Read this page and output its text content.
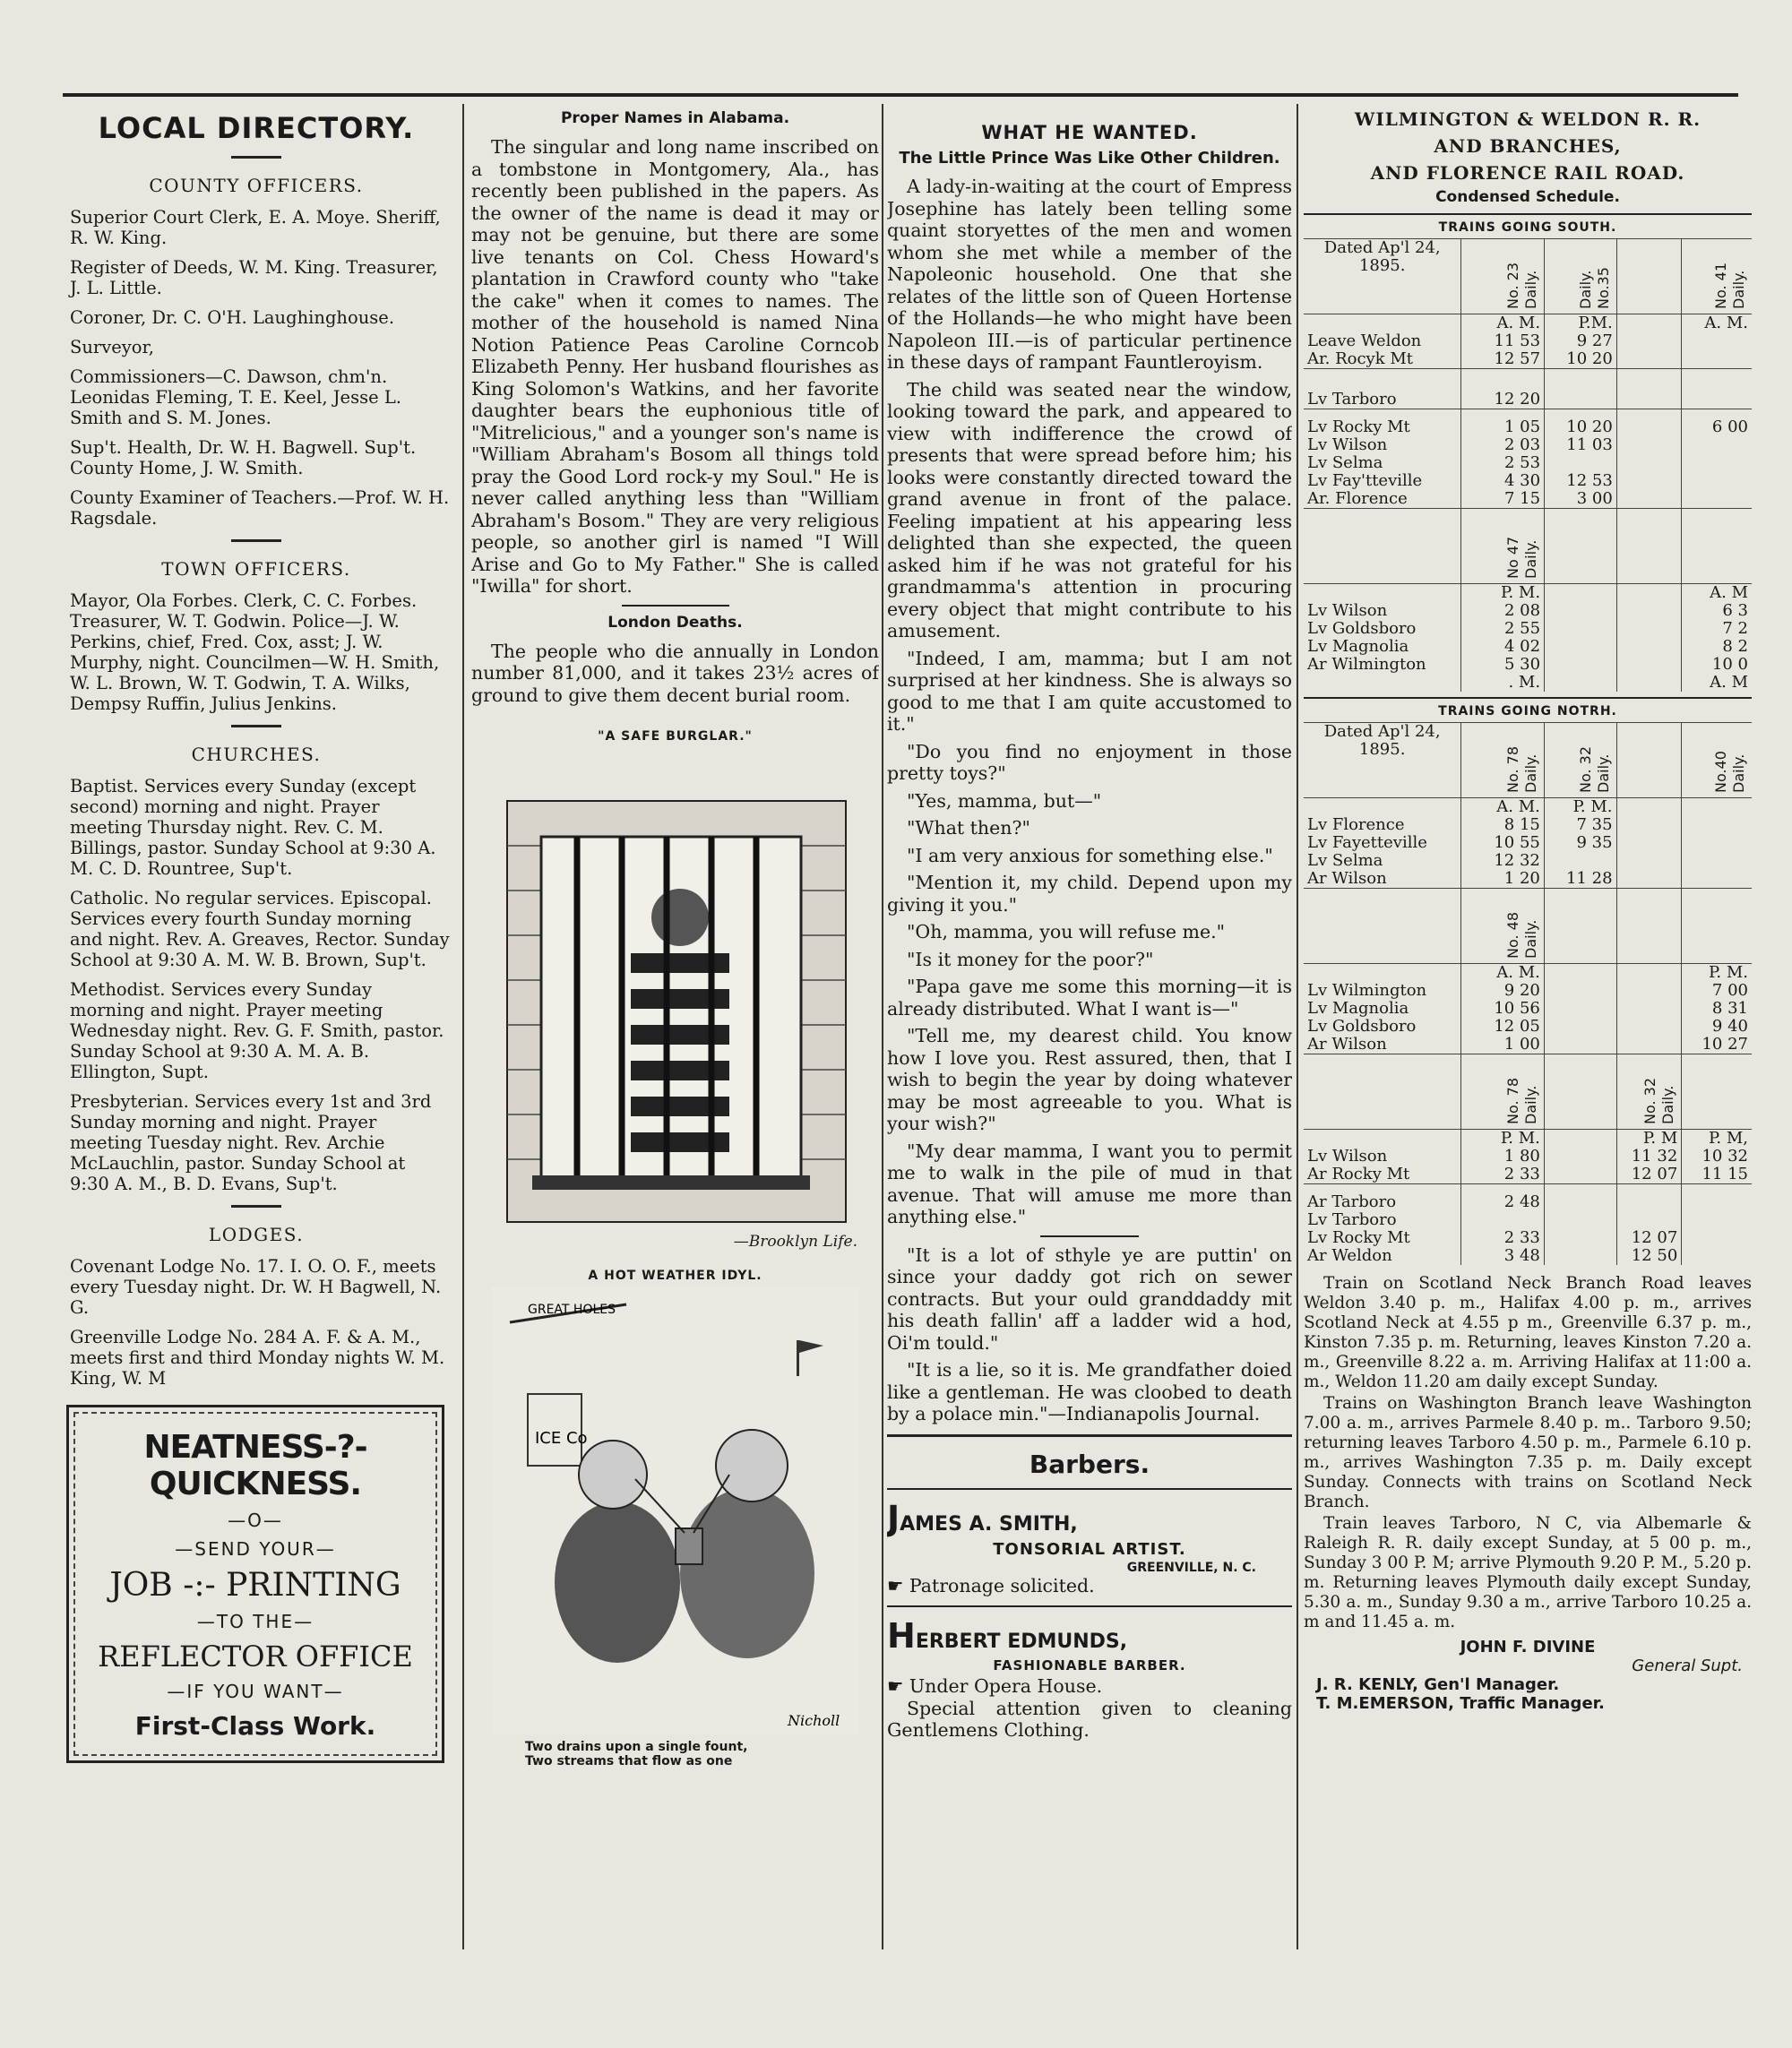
LOCAL DIRECTORY.
COUNTY OFFICERS.

Superior Court Clerk, E. A. Moye. Sheriff, R. W. King.

Register of Deeds, W. M. King. Treasurer, J. L. Little.

Coroner, Dr. C. O'H. Laughinghouse.

Surveyor,

Commissioners—C. Dawson, chm'n. Leonidas Fleming, T. E. Keel, Jesse L. Smith and S. M. Jones.

Sup't. Health, Dr. W. H. Bagwell. Sup't. County Home, J. W. Smith.

County Examiner of Teachers.—Prof. W. H. Ragsdale.

TOWN OFFICERS.

Mayor, Ola Forbes. Clerk, C. C. Forbes. Treasurer, W. T. Godwin. Police—J. W. Perkins, chief, Fred. Cox, asst; J. W. Murphy, night. Councilmen—W. H. Smith, W. L. Brown, W. T. Godwin, T. A. Wilks, Dempsy Ruffin, Julius Jenkins.

CHURCHES.

Baptist. Services every Sunday (except second) morning and night. Prayer meeting Thursday night. Rev. C. M. Billings, pastor. Sunday School at 9:30 A. M. C. D. Rountree, Sup't.

Catholic. No regular services. Episcopal. Services every fourth Sunday morning and night. Rev. A. Greaves, Rector. Sunday School at 9:30 A. M. W. B. Brown, Sup't.

Methodist. Services every Sunday morning and night. Prayer meeting Wednesday night. Rev. G. F. Smith, pastor. Sunday School at 9:30 A. M. A. B. Ellington, Supt.

Presbyterian. Services every 1st and 3rd Sunday morning and night. Prayer meeting Tuesday night. Rev. Archie McLauchlin, pastor. Sunday School at 9:30 A. M., B. D. Evans, Sup't.

LODGES.

Covenant Lodge No. 17. I. O. O. F., meets every Tuesday night. Dr. W. H Bagwell, N. G.

Greenville Lodge No. 284 A. F. & A. M., meets first and third Monday nights W. M. King, W. M

NEATNESS-?-QUICKNESS.
—O—
—SEND YOUR—
JOB -:- PRINTING
—TO THE—
REFLECTOR OFFICE
—IF YOU WANT—
First-Class Work.
Proper Names in Alabama.

The singular and long name inscribed on a tombstone in Montgomery, Ala., has recently been published in the papers. As the owner of the name is dead it may or may not be genuine, but there are some live tenants on Col. Chess Howard's plantation in Crawford county who "take the cake" when it comes to names. The mother of the household is named Nina Notion Patience Peas Caroline Corncob Elizabeth Penny. Her husband flourishes as King Solomon's Watkins, and her favorite daughter bears the euphonious title of "Mitrelicious," and a younger son's name is "William Abraham's Bosom all things told pray the Good Lord rock-y my Soul." He is never called anything less than "William Abraham's Bosom." They are very religious people, so another girl is named "I Will Arise and Go to My Father." She is called "Iwilla" for short.

London Deaths.

The people who die annually in London number 81,000, and it takes 23½ acres of ground to give them decent burial room.

"A SAFE BURGLAR."
—Brooklyn Life.
A HOT WEATHER IDYL.
GREAT HOLES
ICE Co
Nicholl
Two drains upon a single fount,
Two streams that flow as one
WHAT HE WANTED.
The Little Prince Was Like Other Children.

A lady-in-waiting at the court of Empress Josephine has lately been telling some quaint storyettes of the men and women whom she met while a member of the Napoleonic household. One that she relates of the little son of Queen Hortense of the Hollands—he who might have been Napoleon III.—is of particular pertinence in these days of rampant Fauntleroyism.

The child was seated near the window, looking toward the park, and appeared to view with indifference the crowd of presents that were spread before him; his looks were constantly directed toward the grand avenue in front of the palace. Feeling impatient at his appearing less delighted than she expected, the queen asked him if he was not grateful for his grandmamma's attention in procuring every object that might contribute to his amusement.

"Indeed, I am, mamma; but I am not surprised at her kindness. She is always so good to me that I am quite accustomed to it."

"Do you find no enjoyment in those pretty toys?"

"Yes, mamma, but—"

"What then?"

"I am very anxious for something else."

"Mention it, my child. Depend upon my giving it you."

"Oh, mamma, you will refuse me."

"Is it money for the poor?"

"Papa gave me some this morning—it is already distributed. What I want is—"

"Tell me, my dearest child. You know how I love you. Rest assured, then, that I wish to begin the year by doing whatever may be most agreeable to you. What is your wish?"

"My dear mamma, I want you to permit me to walk in the pile of mud in that avenue. That will amuse me more than anything else."

"It is a lot of sthyle ye are puttin' on since your daddy got rich on sewer contracts. But your ould granddaddy mit his death fallin' aff a ladder wid a hod, Oi'm tould."

"It is a lie, so it is. Me grandfather doied like a gentleman. He was cloobed to death by a polace min."—Indianapolis Journal.

Barbers.
JAMES A. SMITH,
TONSORIAL ARTIST.
GREENVILLE, N. C.

☛ Patronage solicited.

HERBERT EDMUNDS,
FASHIONABLE BARBER.

☛ Under Opera House.

Special attention given to cleaning Gentlemens Clothing.

WILMINGTON & WELDON R. R.
AND BRANCHES,
AND FLORENCE RAIL ROAD.
Condensed Schedule.
TRAINS GOING SOUTH.
Dated Ap'l 24, 1895.	No. 23 Daily.	Daily. No.35		No. 41 Daily.
	A. M.	P.M.		A. M.
Leave Weldon	11 53	9 27		
Ar. Rocyk Mt	12 57	10 20		
Lv Tarboro	12 20			
Lv Rocky Mt	1 05	10 20		6 00
Lv Wilson	2 03	11 03		
Lv Selma	2 53			
Lv Fay'tteville	4 30	12 53		
Ar. Florence	7 15	3 00		
	No 47 Daily.			
	P. M.			A. M
Lv Wilson	2 08			6 3
Lv Goldsboro	2 55			7 2
Lv Magnolia	4 02			8 2
Ar Wilmington	5 30			10 0
	. M.			A. M
TRAINS GOING NOTRH.
Dated Ap'l 24, 1895.	No. 78 Daily.	No. 32 Daily.		No.40 Daily.
	A. M.	P. M.		
Lv Florence	8 15	7 35		
Lv Fayetteville	10 55	9 35		
Lv Selma	12 32			
Ar Wilson	1 20	11 28		
	No. 48 Daily.			
	A. M.			P. M.
Lv Wilmington	9 20			7 00
Lv Magnolia	10 56			8 31
Lv Goldsboro	12 05			9 40
Ar Wilson	1 00			10 27
	No. 78 Daily.		No. 32 Daily.	
	P. M.		P. M	P. M,
Lv Wilson	1 80		11 32	10 32
Ar Rocky Mt	2 33		12 07	11 15
Ar Tarboro	2 48			
Lv Tarboro				
Lv Rocky Mt	2 33		12 07	
Ar Weldon	3 48		12 50	

Train on Scotland Neck Branch Road leaves Weldon 3.40 p. m., Halifax 4.00 p. m., arrives Scotland Neck at 4.55 p m., Greenville 6.37 p. m., Kinston 7.35 p. m. Returning, leaves Kinston 7.20 a. m., Greenville 8.22 a. m. Arriving Halifax at 11:00 a. m., Weldon 11.20 am daily except Sunday.

Trains on Washington Branch leave Washington 7.00 a. m., arrives Parmele 8.40 p. m.. Tarboro 9.50; returning leaves Tarboro 4.50 p. m., Parmele 6.10 p. m., arrives Washington 7.35 p. m. Daily except Sunday. Connects with trains on Scotland Neck Branch.

Train leaves Tarboro, N C, via Albemarle & Raleigh R. R. daily except Sunday, at 5 00 p. m., Sunday 3 00 P. M; arrive Plymouth 9.20 P. M., 5.20 p. m. Returning leaves Plymouth daily except Sunday, 5.30 a. m., Sunday 9.30 a m., arrive Tarboro 10.25 a. m and 11.45 a. m.

JOHN F. DIVINE
General Supt.
J. R. KENLY, Gen'l Manager.
T. M.EMERSON, Traffic Manager.
